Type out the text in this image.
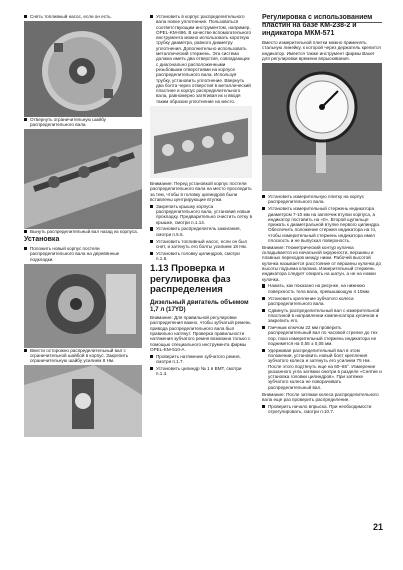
Снять топливный насос, если он есть.

Отвернуть ограничительную шайбу распределительного вала.

Вынуть распределительный вал назад из корпуса.

Установка

Положить новый корпус постели распределительного вала на деревянные подкладки.

Ввести осторожно распределительный вал с ограничительной шайбой в корпус. Закрепить ограничительную шайбу усилием 8 Нм.

Установить в корпус распределительного вала новое уплотнение. Пользоваться соответствующим инструментом, например, OPEL-KM-696. В качестве вспомогательного инструмента можно использовать короткую трубку диаметра, равного диаметру уплотнения. Дополнительно использовать металлический стержень. Эта система должна иметь два отверстия, совпадающих с диагонально расположенными резьбовыми отверстиями на корпусе распределительного вала. Используя трубку, установить уплотнение. Ввернуть два болта через отверстия в металлический пластине и корпус распределительного вала, равномерно затягивая их и вводя таким образом уплотнение на место.

Внимание: Перед установкой корпус постели распределительного вала на место проследить за тем, чтобы в головку цилиндров были вставлены центрирующие втулки.

Закрепить крышку корпуса распределительного вала, установив новые прокладку. Предварительно очистить сетку в крышке, смотри п.1.14.

Установить распределитель зажигания, смотри п.5.5.

Установить топливный насос, если он был снят, и затянуть его болты усилием 18 Нм.

Установить головку цилиндров, смотри п.1.8.

1.13 Проверка и регулировка фаз распределения
Дизельный двигатель объемом 1,7 л (17YD)

Внимание: Для правильной регулировки распределения важно, чтобы зубчатый ремень привода распределительного вала был правильно натянут. Проверка правильности натяжения зубчатого ремня возможна только с помощью специального инструмента фирмы OPEL-KM-510-A.

Проверить натяжение зубчатого ремня, смотри п.1.7.

Установить цилиндр № 1 в ВМТ, смотри п.1.4.

Регулировка с использованием пластин на базе КМ-238-2 и индикатора МКМ-571

Вместо измерительной плитки можно применять стальную линейку, к которой через держатель крепится индикатор. Имеется также инструмент фирмы Bauer для регулировки времени впрыскивания.

Установить измерительную плитку на корпус распределительного вала.

Установить измерительный стержень индикатора диаметром 7-10 мм на заплечик втулки корпуса, а индикатор поставить на «0». Второй щупальце прижать к диаметральной втулке первого цилиндра. Обеспечить положение стержня индикатора на то, чтобы измерительный стержень индикатора имел плоскость и не выпускал поверхность.

Внимание: Геометрический контур кулачка складывается из начальной окружности, вершины и плавных переходов между ними. Рабочей высотой кулачка называется расстояние от вершины кулачка до высоты подъема клапана. Измерительный стержень индикатора следует опирать на шатун, а не на ножки кулачка.

Нажать, как показано на рисунке, на нижнюю поверхность тела вала, превышающую 4 10мм.

Установить крепление зубчатого колеса распределительного вала.

Сдвинуть распределительный вал с измерительной пластиной в направлении компенсатора кулачков и закрепить его.

Гаечным ключом 22 мм проверить распределительный вал по часовой стрелке до тех пор, пока измерительный стержень индикатора не поднимется на 0,55 ± 0,05 мм.

Удерживая распределительный вал в этом положении, установить новый болт крепления зубчатого колеса и затянуть его усилием 75 Нм. После этого подтянуть еще на 60–65°. Измерение указанного угла затяжки смотри в разделе «Снятие и установка головки цилиндров». При затяжке зубчатого колеса не поворачивать распределительный вал.

Внимание: После затяжки колеса распределительного вала еще раз проверить распределение.

Проверить начало впрыска. При необходимости отрегулировать, смотри п.10.7.

21
